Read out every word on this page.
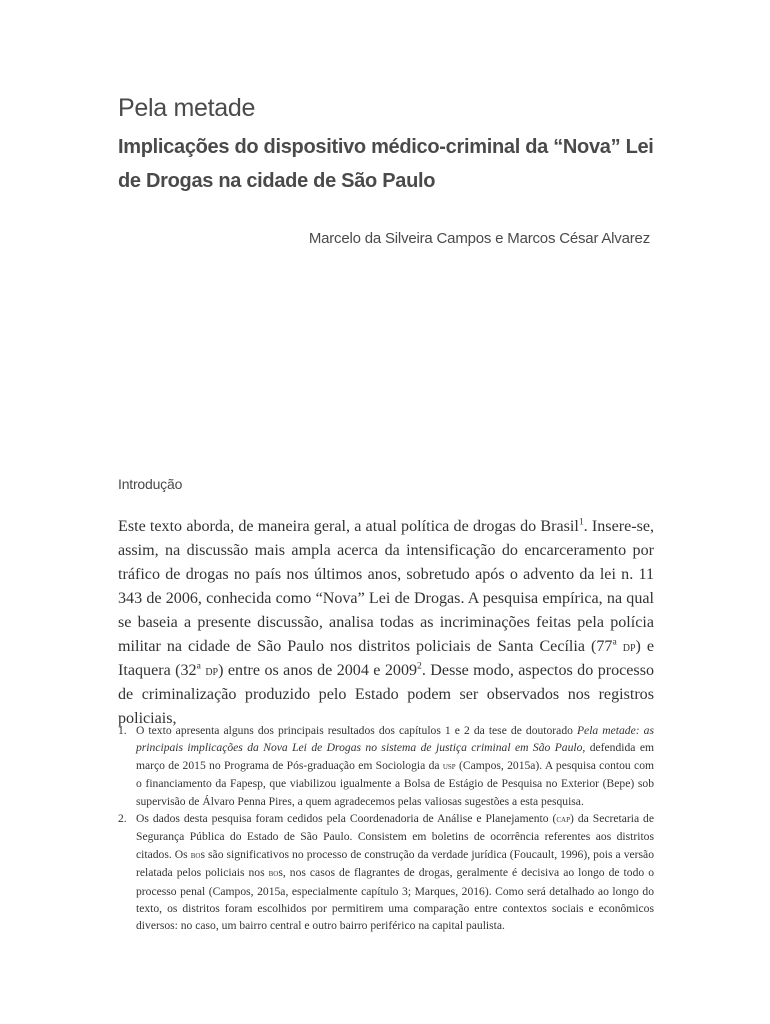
Pela metade
Implicações do dispositivo médico-criminal da “Nova” Lei de Drogas na cidade de São Paulo
Marcelo da Silveira Campos e Marcos César Alvarez
Introdução

Este texto aborda, de maneira geral, a atual política de drogas do Brasil$^1$. Insere-se, assim, na discussão mais ampla acerca da intensificação do encarceramento por tráfico de drogas no país nos últimos anos, sobretudo após o advento da lei n. 11 343 de 2006, conhecida como “Nova” Lei de Drogas. A pesquisa empírica, na qual se baseia a presente discussão, analisa todas as incriminações feitas pela polícia militar na cidade de São Paulo nos distritos policiais de Santa Cecília (77$^a$ dp) e Itaquera (32$^a$ dp) entre os anos de 2004 e 2009$^2$. Desse modo, aspectos do processo de criminalização produzido pelo Estado podem ser observados nos registros policiais,

1. O texto apresenta alguns dos principais resultados dos capítulos 1 e 2 da tese de doutorado Pela metade: as principais implicações da Nova Lei de Drogas no sistema de justiça criminal em São Paulo, defendida em março de 2015 no Programa de Pós-graduação em Sociologia da usp (Campos, 2015a). A pesquisa contou com o financiamento da Fapesp, que viabilizou igualmente a Bolsa de Estágio de Pesquisa no Exterior (Bepe) sob supervisão de Álvaro Penna Pires, a quem agradecemos pelas valiosas sugestões a esta pesquisa.
2. Os dados desta pesquisa foram cedidos pela Coordenadoria de Análise e Planejamento (cap) da Secretaria de Segurança Pública do Estado de São Paulo. Consistem em boletins de ocorrência referentes aos distritos citados. Os bos são significativos no processo de construção da verdade jurídica (Foucault, 1996), pois a versão relatada pelos policiais nos bos, nos casos de flagrantes de drogas, geralmente é decisiva ao longo de todo o processo penal (Campos, 2015a, especialmente capítulo 3; Marques, 2016). Como será detalhado ao longo do texto, os distritos foram escolhidos por permitirem uma comparação entre contextos sociais e econômicos diversos: no caso, um bairro central e outro bairro periférico na capital paulista.
